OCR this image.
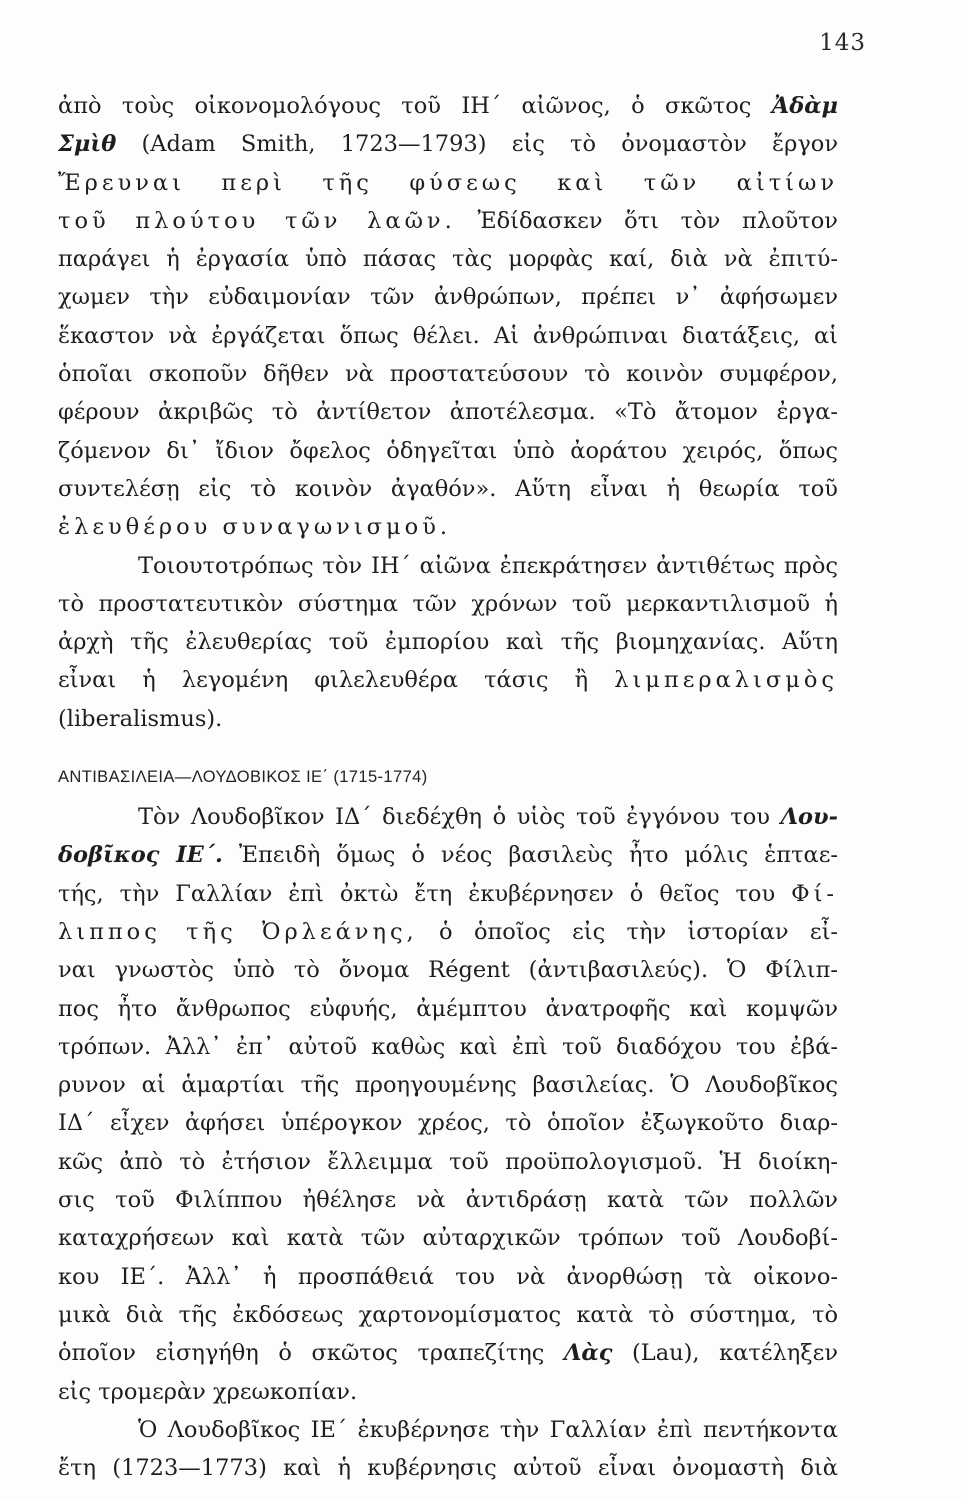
143
ἀπὸ τοὺς οἰκονομολόγους τοῦ ΙΗ΄ αἰῶνος, ὁ σκῶτος Ἀδὰμ
Σμὶθ (Adam Smith, 1723—1793) εἰς τὸ ὀνομαστὸν ἔργον
Ἔρευναι περὶ τῆς φύσεως καὶ τῶν αἰτίων
τοῦ πλούτου τῶν λαῶν. Ἐδίδασκεν ὅτι τὸν πλοῦτον
παράγει ἡ ἐργασία ὑπὸ πάσας τὰς μορφὰς καί, διὰ νὰ ἐπιτύ-
χωμεν τὴν εὐδαιμονίαν τῶν ἀνθρώπων, πρέπει ν᾿ ἀφήσωμεν
ἕκαστον νὰ ἐργάζεται ὅπως θέλει. Αἱ ἀνθρώπιναι διατάξεις, αἱ
ὁποῖαι σκοποῦν δῆθεν νὰ προστατεύσουν τὸ κοινὸν συμφέρον,
φέρουν ἀκριβῶς τὸ ἀντίθετον ἀποτέλεσμα. «Τὸ ἄτομον ἐργα-
ζόμενον δι᾿ ἴδιον ὄφελος ὁδηγεῖται ὑπὸ ἀοράτου χειρός, ὅπως
συντελέσῃ εἰς τὸ κοινὸν ἀγαθόν». Αὕτη εἶναι ἡ θεωρία τοῦ
ἐλευθέρου συναγωνισμοῦ.
Τοιουτοτρόπως τὸν ΙΗ΄ αἰῶνα ἐπεκράτησεν ἀντιθέτως πρὸς
τὸ προστατευτικὸν σύστημα τῶν χρόνων τοῦ μερκαντιλισμοῦ ἡ
ἀρχὴ τῆς ἐλευθερίας τοῦ ἐμπορίου καὶ τῆς βιομηχανίας. Αὕτη
εἶναι ἡ λεγομένη φιλελευθέρα τάσις ἢ λιμπεραλισμὸς
(liberalismus).
ΑΝΤΙΒΑΣΙΛΕΙΑ—ΛΟΥΔΟΒΙΚΟΣ ΙΕ΄ (1715-1774)
Τὸν Λουδοβῖκον ΙΔ΄ διεδέχθη ὁ υἱὸς τοῦ ἐγγόνου του Λου-
δοβῖκος ΙΕ΄. Ἐπειδὴ ὅμως ὁ νέος βασιλεὺς ἦτο μόλις ἑπταε-
τής, τὴν Γαλλίαν ἐπὶ ὀκτὼ ἔτη ἐκυβέρνησεν ὁ θεῖος του Φί-
λιππος τῆς Ὀρλεάνης, ὁ ὁποῖος εἰς τὴν ἱστορίαν εἶ-
ναι γνωστὸς ὑπὸ τὸ ὄνομα Régent (ἀντιβασιλεύς). Ὁ Φίλιπ-
πος ἦτο ἄνθρωπος εὐφυής, ἀμέμπτου ἀνατροφῆς καὶ κομψῶν
τρόπων. Ἀλλ᾿ ἐπ᾿ αὐτοῦ καθὼς καὶ ἐπὶ τοῦ διαδόχου του ἐβά-
ρυνον αἱ ἁμαρτίαι τῆς προηγουμένης βασιλείας. Ὁ Λουδοβῖκος
ΙΔ΄ εἶχεν ἀφήσει ὑπέρογκον χρέος, τὸ ὁποῖον ἐξωγκοῦτο διαρ-
κῶς ἀπὸ τὸ ἐτήσιον ἔλλειμμα τοῦ προϋπολογισμοῦ. Ἡ διοίκη-
σις τοῦ Φιλίππου ἠθέλησε νὰ ἀντιδράσῃ κατὰ τῶν πολλῶν
καταχρήσεων καὶ κατὰ τῶν αὐταρχικῶν τρόπων τοῦ Λουδοβί-
κου ΙΕ΄. Ἀλλ᾿ ἡ προσπάθειά του νὰ ἀνορθώσῃ τὰ οἰκονο-
μικὰ διὰ τῆς ἐκδόσεως χαρτονομίσματος κατὰ τὸ σύστημα, τὸ
ὁποῖον εἰσηγήθη ὁ σκῶτος τραπεζίτης Λὰς (Lau), κατέληξεν
εἰς τρομερὰν χρεωκοπίαν.
Ὁ Λουδοβῖκος ΙΕ΄ ἐκυβέρνησε τὴν Γαλλίαν ἐπὶ πεντήκοντα
ἔτη (1723—1773) καὶ ἡ κυβέρνησις αὐτοῦ εἶναι ὀνομαστὴ διὰ
